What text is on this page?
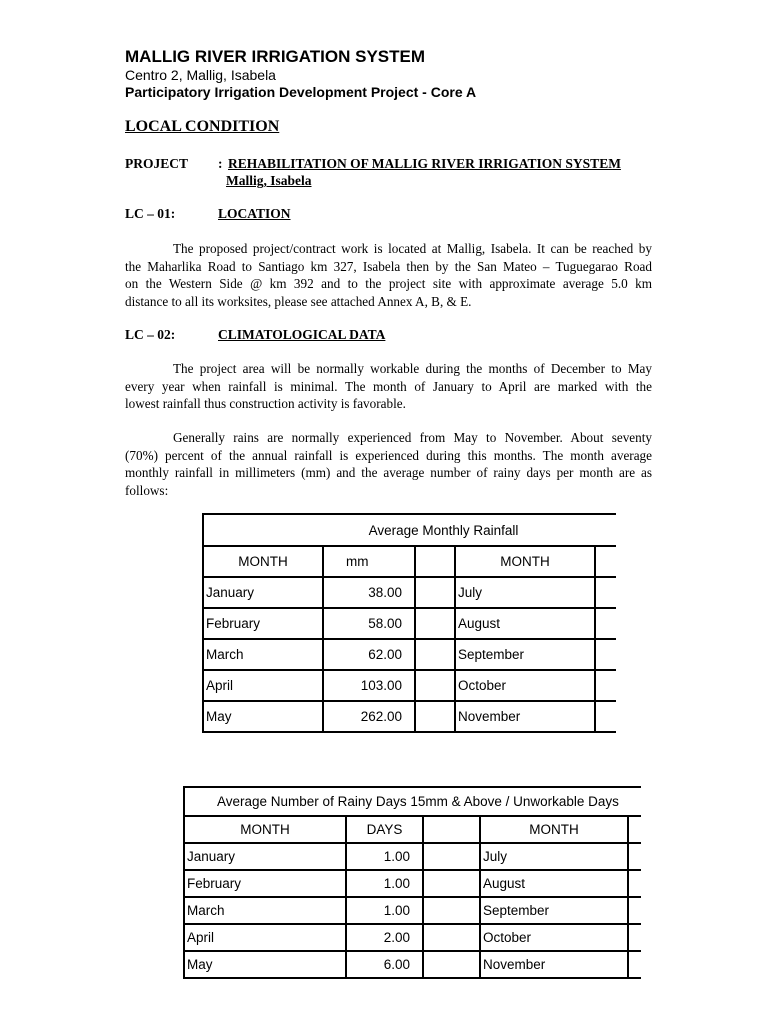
MALLIG RIVER IRRIGATION SYSTEM
Centro 2, Mallig, Isabela
Participatory Irrigation Development Project - Core A
LOCAL CONDITION
PROJECT : REHABILITATION OF MALLIG RIVER IRRIGATION SYSTEM
Mallig, Isabela
LC – 01:	LOCATION
The proposed project/contract work is located at Mallig, Isabela. It can be reached by
the Maharlika Road to Santiago km 327, Isabela then by the San Mateo – Tuguegarao Road
on the Western Side @ km 392 and to the project site with approximate average 5.0 km
distance to all its worksites, please see attached Annex A, B, & E.
LC – 02:	CLIMATOLOGICAL DATA
The project area will be normally workable during the months of December to May
every year when rainfall is minimal. The month of January to April are marked with the
lowest rainfall thus construction activity is favorable.
Generally rains are normally experienced from May to November. About seventy
(70%) percent of the annual rainfall is experienced during this months. The month average
monthly rainfall in millimeters (mm) and the average number of rainy days per month are as
follows:
Average Monthly Rainfall				
MONTH	mm		MONTH	
January	38.00		July	
February	58.00		August	
March	62.00		September	
April	103.00		October	
May	262.00		November	
Average Number of Rainy Days 15mm & Above / Unworkable Days				
MONTH	DAYS		MONTH	
January	1.00		July	
February	1.00		August	
March	1.00		September	
April	2.00		October	
May	6.00		November	
